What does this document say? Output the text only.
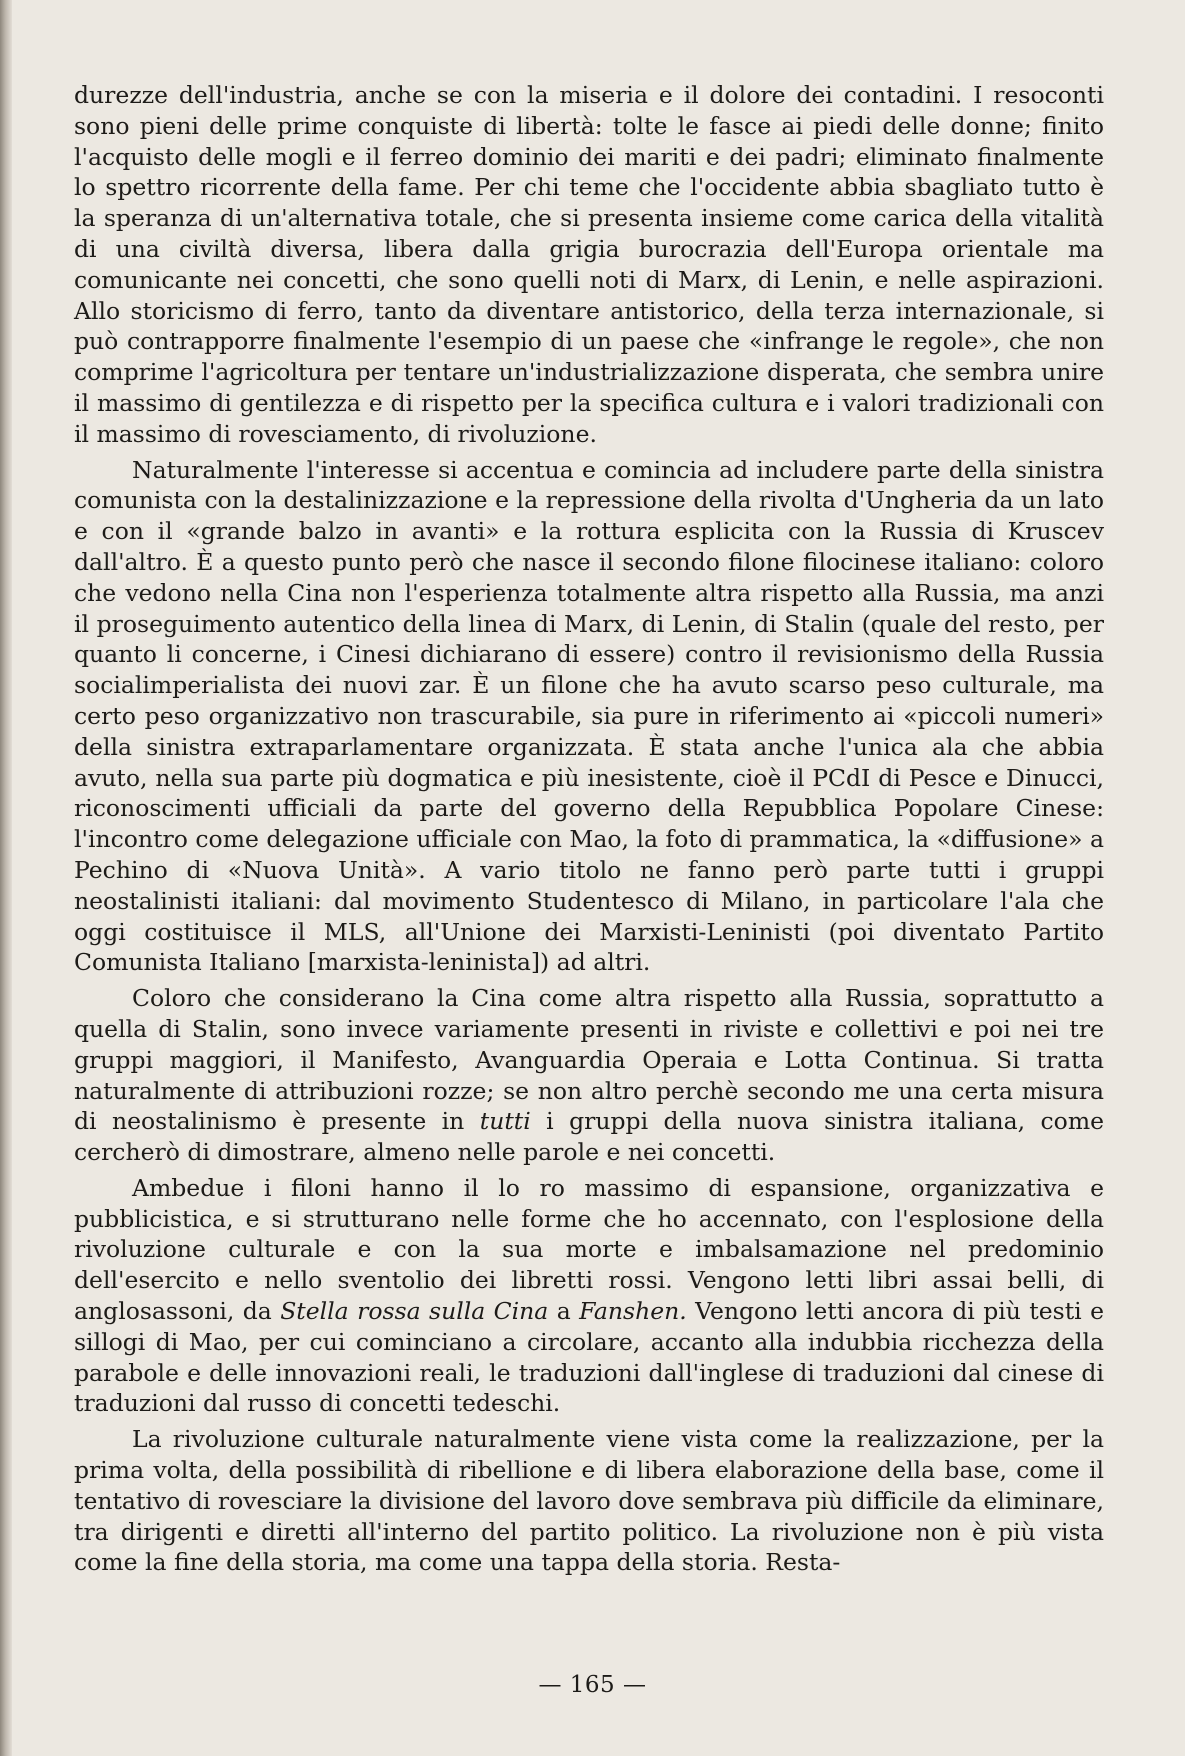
durezze dell'industria, anche se con la miseria e il dolore dei contadini. I resoconti sono pieni delle prime conquiste di libertà: tolte le fasce ai piedi delle donne; finito l'acquisto delle mogli e il ferreo dominio dei mariti e dei padri; eliminato finalmente lo spettro ricorrente della fame. Per chi teme che l'occidente abbia sbagliato tutto è la speranza di un'alternativa totale, che si presenta insieme come carica della vitalità di una civiltà diversa, libera dalla grigia burocrazia dell'Europa orientale ma comunicante nei concetti, che sono quelli noti di Marx, di Lenin, e nelle aspirazioni. Allo storicismo di ferro, tanto da diventare antistorico, della terza internazionale, si può contrapporre finalmente l'esempio di un paese che «infrange le regole», che non comprime l'agricoltura per tentare un'industrializzazione disperata, che sembra unire il massimo di gentilezza e di rispetto per la specifica cultura e i valori tradizionali con il massimo di rovesciamento, di rivoluzione.

Naturalmente l'interesse si accentua e comincia ad includere parte della sinistra comunista con la destalinizzazione e la repressione della rivolta d'Ungheria da un lato e con il «grande balzo in avanti» e la rottura esplicita con la Russia di Kruscev dall'altro. È a questo punto però che nasce il secondo filone filocinese italiano: coloro che vedono nella Cina non l'esperienza totalmente altra rispetto alla Russia, ma anzi il proseguimento autentico della linea di Marx, di Lenin, di Stalin (quale del resto, per quanto li concerne, i Cinesi dichiarano di essere) contro il revisionismo della Russia socialimperialista dei nuovi zar. È un filone che ha avuto scarso peso culturale, ma certo peso organizzativo non trascurabile, sia pure in riferimento ai «piccoli numeri» della sinistra extraparlamentare organizzata. È stata anche l'unica ala che abbia avuto, nella sua parte più dogmatica e più inesistente, cioè il PCdI di Pesce e Dinucci, riconoscimenti ufficiali da parte del governo della Repubblica Popolare Cinese: l'incontro come delegazione ufficiale con Mao, la foto di prammatica, la «diffusione» a Pechino di «Nuova Unità». A vario titolo ne fanno però parte tutti i gruppi neostalinisti italiani: dal movimento Studentesco di Milano, in particolare l'ala che oggi costituisce il MLS, all'Unione dei Marxisti-Leninisti (poi diventato Partito Comunista Italiano [marxista-leninista]) ad altri.

Coloro che considerano la Cina come altra rispetto alla Russia, soprattutto a quella di Stalin, sono invece variamente presenti in riviste e collettivi e poi nei tre gruppi maggiori, il Manifesto, Avanguardia Operaia e Lotta Continua. Si tratta naturalmente di attribuzioni rozze; se non altro perchè secondo me una certa misura di neostalinismo è presente in tutti i gruppi della nuova sinistra italiana, come cercherò di dimostrare, almeno nelle parole e nei concetti.

Ambedue i filoni hanno il lo ro massimo di espansione, organizzativa e pubblicistica, e si strutturano nelle forme che ho accennato, con l'esplosione della rivoluzione culturale e con la sua morte e imbalsamazione nel predominio dell'esercito e nello sventolio dei libretti rossi. Vengono letti libri assai belli, di anglosassoni, da Stella rossa sulla Cina a Fanshen. Vengono letti ancora di più testi e sillogi di Mao, per cui cominciano a circolare, accanto alla indubbia ricchezza della parabole e delle innovazioni reali, le traduzioni dall'inglese di traduzioni dal cinese di traduzioni dal russo di concetti tedeschi.

La rivoluzione culturale naturalmente viene vista come la realizzazione, per la prima volta, della possibilità di ribellione e di libera elaborazione della base, come il tentativo di rovesciare la divisione del lavoro dove sembrava più difficile da eliminare, tra dirigenti e diretti all'interno del partito politico. La rivoluzione non è più vista come la fine della storia, ma come una tappa della storia. Resta-

— 165 —
